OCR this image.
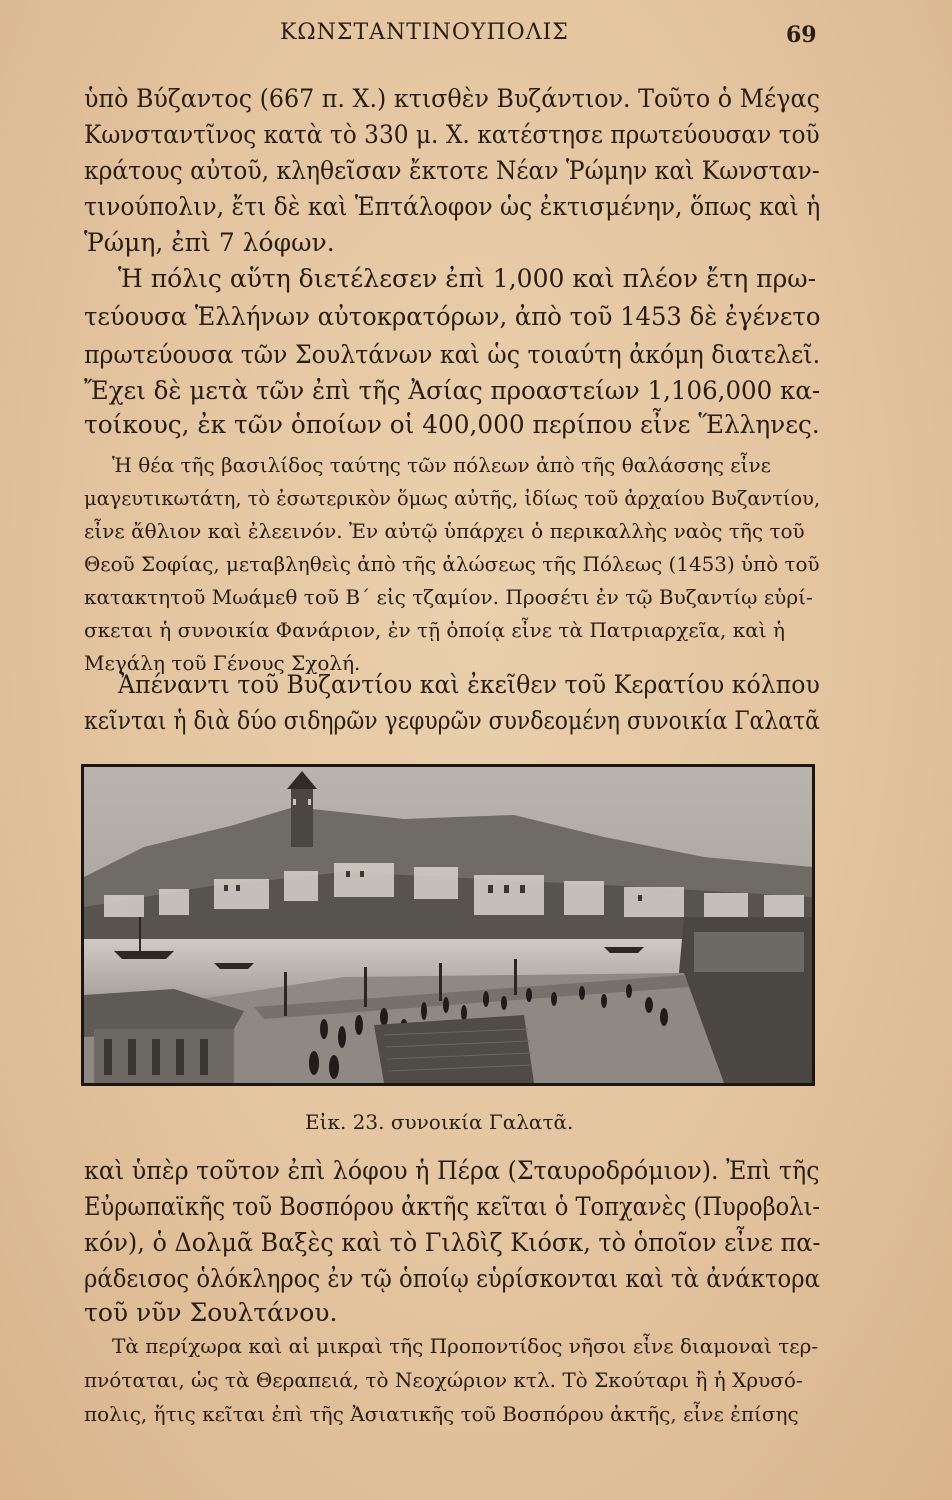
ΚΩΝΣΤΑΝΤΙΝΟΥΠΟΛΙΣ	69
ὑπὸ Βύζαντος (667 π. Χ.) κτισθὲν Βυζάντιον. Τοῦτο ὁ Μέγας
Κωνσταντῖνος κατὰ τὸ 330 μ. Χ. κατέστησε πρωτεύουσαν τοῦ
κράτους αὐτοῦ, κληθεῖσαν ἔκτοτε Νέαν Ῥώμην καὶ Κωνσταν-
τινούπολιν, ἔτι δὲ καὶ Ἑπτάλοφον ὡς ἐκτισμένην, ὅπως καὶ ἡ
Ῥώμη, ἐπὶ 7 λόφων.
Ἡ πόλις αὕτη διετέλεσεν ἐπὶ 1,000 καὶ πλέον ἔτη πρω-
τεύουσα Ἑλλήνων αὐτοκρατόρων, ἀπὸ τοῦ 1453 δὲ ἐγένετο
πρωτεύουσα τῶν Σουλτάνων καὶ ὡς τοιαύτη ἀκόμη διατελεῖ.
Ἔχει δὲ μετὰ τῶν ἐπὶ τῆς Ἀσίας προαστείων 1,106,000 κα-
τοίκους, ἐκ τῶν ὁποίων οἱ 400,000 περίπου εἶνε Ἕλληνες.
Ἡ θέα τῆς βασιλίδος ταύτης τῶν πόλεων ἀπὸ τῆς θαλάσσης εἶνε
μαγευτικωτάτη, τὸ ἐσωτερικὸν ὅμως αὐτῆς, ἰδίως τοῦ ἀρχαίου Βυζαντίου,
εἶνε ἄθλιον καὶ ἐλεεινόν. Ἐν αὐτῷ ὑπάρχει ὁ περικαλλὴς ναὸς τῆς τοῦ
Θεοῦ Σοφίας, μεταβληθεὶς ἀπὸ τῆς ἁλώσεως τῆς Πόλεως (1453) ὑπὸ τοῦ
κατακτητοῦ Μωάμεθ τοῦ Β΄ εἰς τζαμίον. Προσέτι ἐν τῷ Βυζαντίῳ εὑρί-
σκεται ἡ συνοικία Φανάριον, ἐν τῇ ὁποίᾳ εἶνε τὰ Πατριαρχεῖα, καὶ ἡ
Μεγάλη τοῦ Γένους Σχολή.
Ἀπέναντι τοῦ Βυζαντίου καὶ ἐκεῖθεν τοῦ Κερατίου κόλπου
κεῖνται ἡ διὰ δύο σιδηρῶν γεφυρῶν συνδεομένη συνοικία Γαλατᾶ
Εἰκ. 23. συνοικία Γαλατᾶ.
καὶ ὑπὲρ τοῦτον ἐπὶ λόφου ἡ Πέρα (Σταυροδρόμιον). Ἐπὶ τῆς
Εὐρωπαϊκῆς τοῦ Βοσπόρου ἀκτῆς κεῖται ὁ Τοπχανὲς (Πυροβολι-
κόν), ὁ Δολμᾶ Βαξὲς καὶ τὸ Γιλδὶζ Κιόσκ, τὸ ὁποῖον εἶνε πα-
ράδεισος ὁλόκληρος ἐν τῷ ὁποίῳ εὑρίσκονται καὶ τὰ ἀνάκτορα
τοῦ νῦν Σουλτάνου.
Τὰ περίχωρα καὶ αἱ μικραὶ τῆς Προποντίδος νῆσοι εἶνε διαμοναὶ τερ-
πνόταται, ὡς τὰ Θεραπειά, τὸ Νεοχώριον κτλ. Τὸ Σκούταρι ἢ ἡ Χρυσό-
πολις, ἥτις κεῖται ἐπὶ τῆς Ἀσιατικῆς τοῦ Βοσπόρου ἀκτῆς, εἶνε ἐπίσης
